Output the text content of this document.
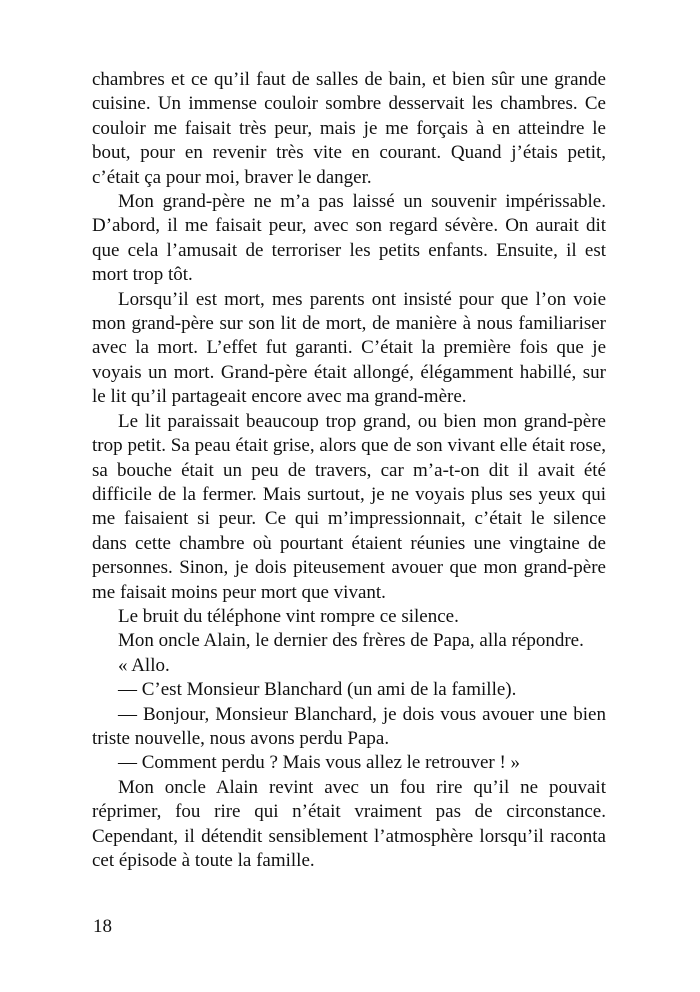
chambres et ce qu’il faut de salles de bain, et bien sûr une grande cuisine. Un immense couloir sombre desservait les chambres. Ce couloir me faisait très peur, mais je me forçais à en atteindre le bout, pour en revenir très vite en courant. Quand j’étais petit, c’était ça pour moi, braver le danger.

Mon grand-père ne m’a pas laissé un souvenir impérissable. D’abord, il me faisait peur, avec son regard sévère. On aurait dit que cela l’amusait de terroriser les petits enfants. Ensuite, il est mort trop tôt.

Lorsqu’il est mort, mes parents ont insisté pour que l’on voie mon grand-père sur son lit de mort, de manière à nous familiariser avec la mort. L’effet fut garanti. C’était la première fois que je voyais un mort. Grand-père était allongé, élégamment habillé, sur le lit qu’il partageait encore avec ma grand-mère.

Le lit paraissait beaucoup trop grand, ou bien mon grand-père trop petit. Sa peau était grise, alors que de son vivant elle était rose, sa bouche était un peu de travers, car m’a-t-on dit il avait été difficile de la fermer. Mais surtout, je ne voyais plus ses yeux qui me faisaient si peur. Ce qui m’impressionnait, c’était le silence dans cette chambre où pourtant étaient réunies une vingtaine de personnes. Sinon, je dois piteusement avouer que mon grand-père me faisait moins peur mort que vivant.

Le bruit du téléphone vint rompre ce silence.

Mon oncle Alain, le dernier des frères de Papa, alla répondre.

« Allo.

— C’est Monsieur Blanchard (un ami de la famille).

— Bonjour, Monsieur Blanchard, je dois vous avouer une bien triste nouvelle, nous avons perdu Papa.

— Comment perdu ? Mais vous allez le retrouver ! »

Mon oncle Alain revint avec un fou rire qu’il ne pouvait réprimer, fou rire qui n’était vraiment pas de circonstance. Cependant, il détendit sensiblement l’atmosphère lorsqu’il raconta cet épisode à toute la famille.

18
